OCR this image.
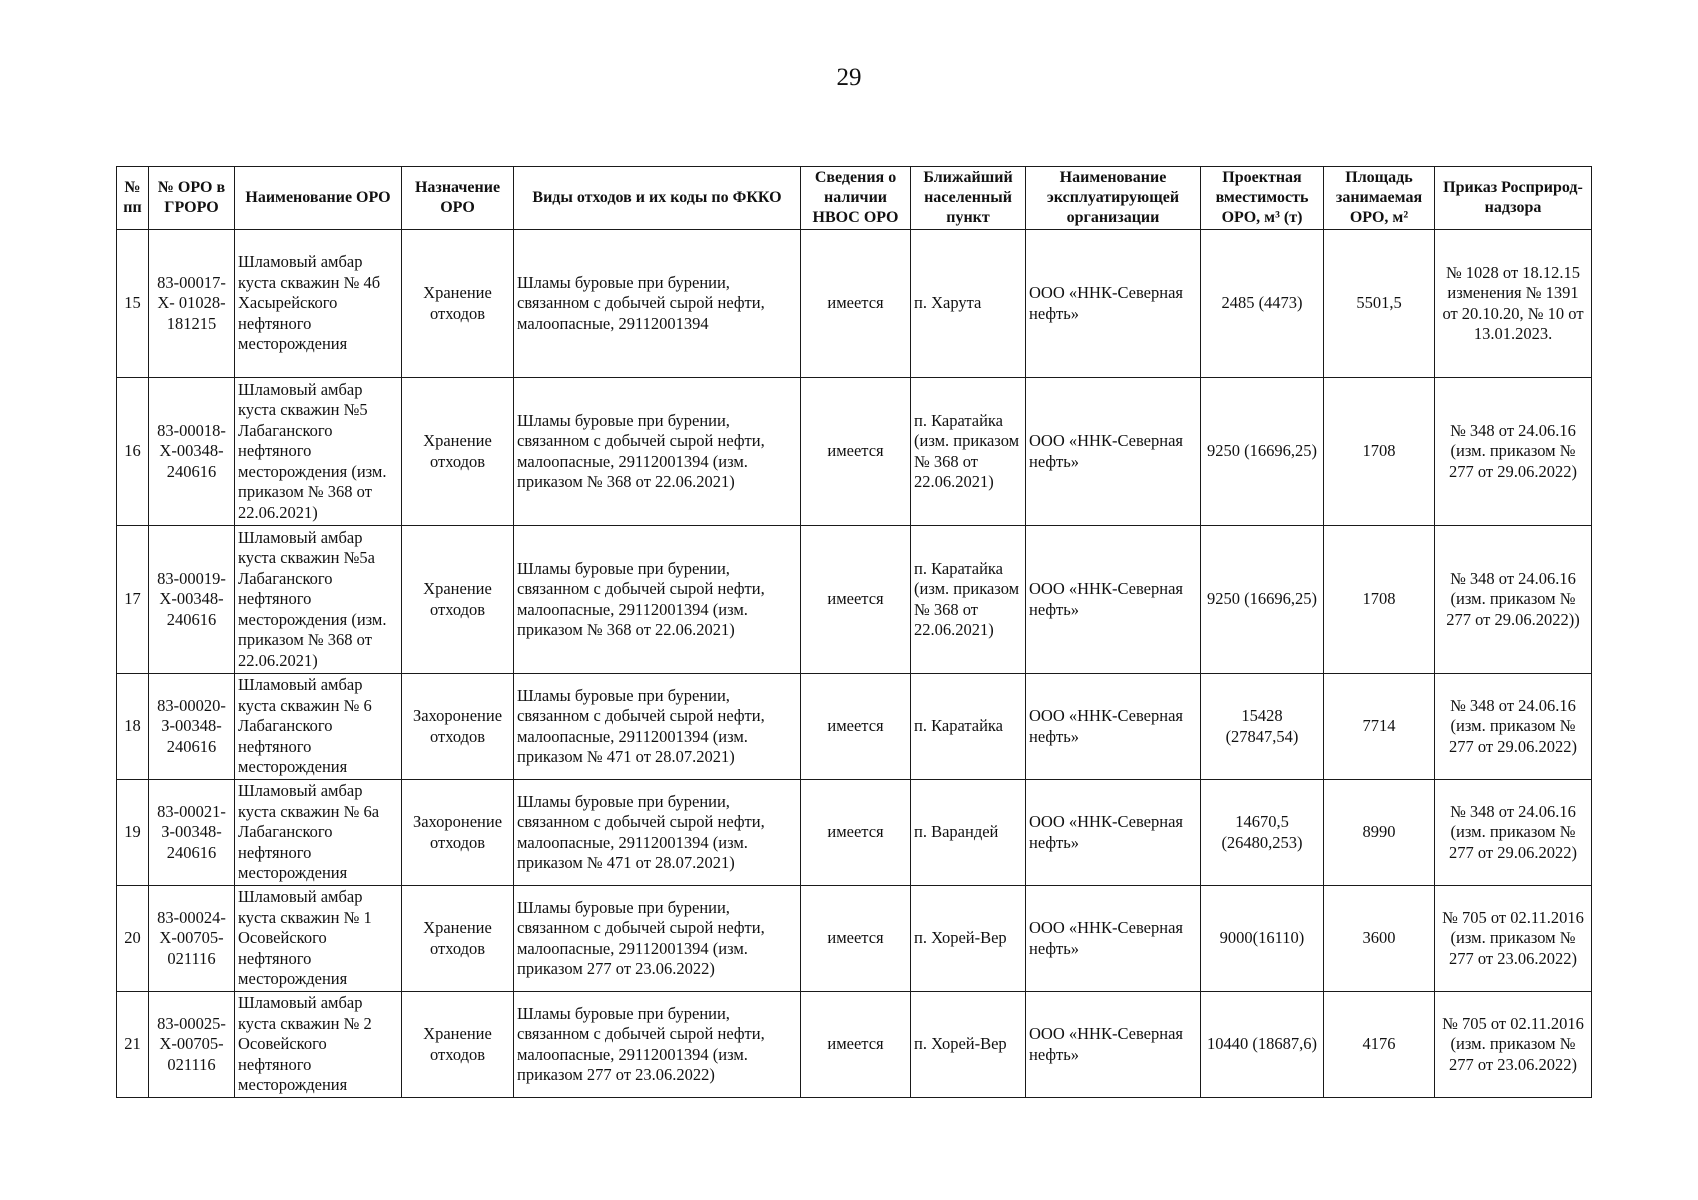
29
№ пп	№ ОРО в ГРОРО	Наименование ОРО	Назначение ОРО	Виды отходов и их коды по ФККО	Сведения о наличии НВОС ОРО	Ближайший населенный пункт	Наименование эксплуатирующей организации	Проектная вместимость ОРО, м³ (т)	Площадь занимаемая ОРО, м²	Приказ Росприрод-надзора
15	83-00017-Х- 01028-181215	Шламовый амбар куста скважин № 4б Хасырейского нефтяного месторождения	Хранение отходов	Шламы буровые при бурении, связанном с добычей сырой нефти, малоопасные, 29112001394	имеется	п. Харута	ООО «ННК-Северная нефть»	2485 (4473)	5501,5	№ 1028 от 18.12.15 изменения № 1391 от 20.10.20, № 10 от 13.01.2023.
16	83-00018-Х-00348-240616	Шламовый амбар куста скважин №5 Лабаганского нефтяного месторождения (изм. приказом № 368 от 22.06.2021)	Хранение отходов	Шламы буровые при бурении, связанном с добычей сырой нефти, малоопасные, 29112001394 (изм. приказом № 368 от 22.06.2021)	имеется	п. Каратайка (изм. приказом № 368 от 22.06.2021)	ООО «ННК-Северная нефть»	9250 (16696,25)	1708	№ 348 от 24.06.16 (изм. приказом № 277 от 29.06.2022)
17	83-00019-Х-00348-240616	Шламовый амбар куста скважин №5а Лабаганского нефтяного месторождения (изм. приказом № 368 от 22.06.2021)	Хранение отходов	Шламы буровые при бурении, связанном с добычей сырой нефти, малоопасные, 29112001394 (изм. приказом № 368 от 22.06.2021)	имеется	п. Каратайка (изм. приказом № 368 от 22.06.2021)	ООО «ННК-Северная нефть»	9250 (16696,25)	1708	№ 348 от 24.06.16 (изм. приказом № 277 от 29.06.2022))
18	83-00020-З-00348-240616	Шламовый амбар куста скважин № 6 Лабаганского нефтяного месторождения	Захоронение отходов	Шламы буровые при бурении, связанном с добычей сырой нефти, малоопасные, 29112001394 (изм. приказом № 471 от 28.07.2021)	имеется	п. Каратайка	ООО «ННК-Северная нефть»	15428 (27847,54)	7714	№ 348 от 24.06.16 (изм. приказом № 277 от 29.06.2022)
19	83-00021-З-00348-240616	Шламовый амбар куста скважин № 6а Лабаганского нефтяного месторождения	Захоронение отходов	Шламы буровые при бурении, связанном с добычей сырой нефти, малоопасные, 29112001394 (изм. приказом № 471 от 28.07.2021)	имеется	п. Варандей	ООО «ННК-Северная нефть»	14670,5 (26480,253)	8990	№ 348 от 24.06.16 (изм. приказом № 277 от 29.06.2022)
20	83-00024-Х-00705-021116	Шламовый амбар куста скважин № 1 Осовейского нефтяного месторождения	Хранение отходов	Шламы буровые при бурении, связанном с добычей сырой нефти, малоопасные, 29112001394 (изм. приказом 277 от 23.06.2022)	имеется	п. Хорей-Вер	ООО «ННК-Северная нефть»	9000(16110)	3600	№ 705 от 02.11.2016 (изм. приказом № 277 от 23.06.2022)
21	83-00025-Х-00705-021116	Шламовый амбар куста скважин № 2 Осовейского нефтяного месторождения	Хранение отходов	Шламы буровые при бурении, связанном с добычей сырой нефти, малоопасные, 29112001394 (изм. приказом 277 от 23.06.2022)	имеется	п. Хорей-Вер	ООО «ННК-Северная нефть»	10440 (18687,6)	4176	№ 705 от 02.11.2016 (изм. приказом № 277 от 23.06.2022)
